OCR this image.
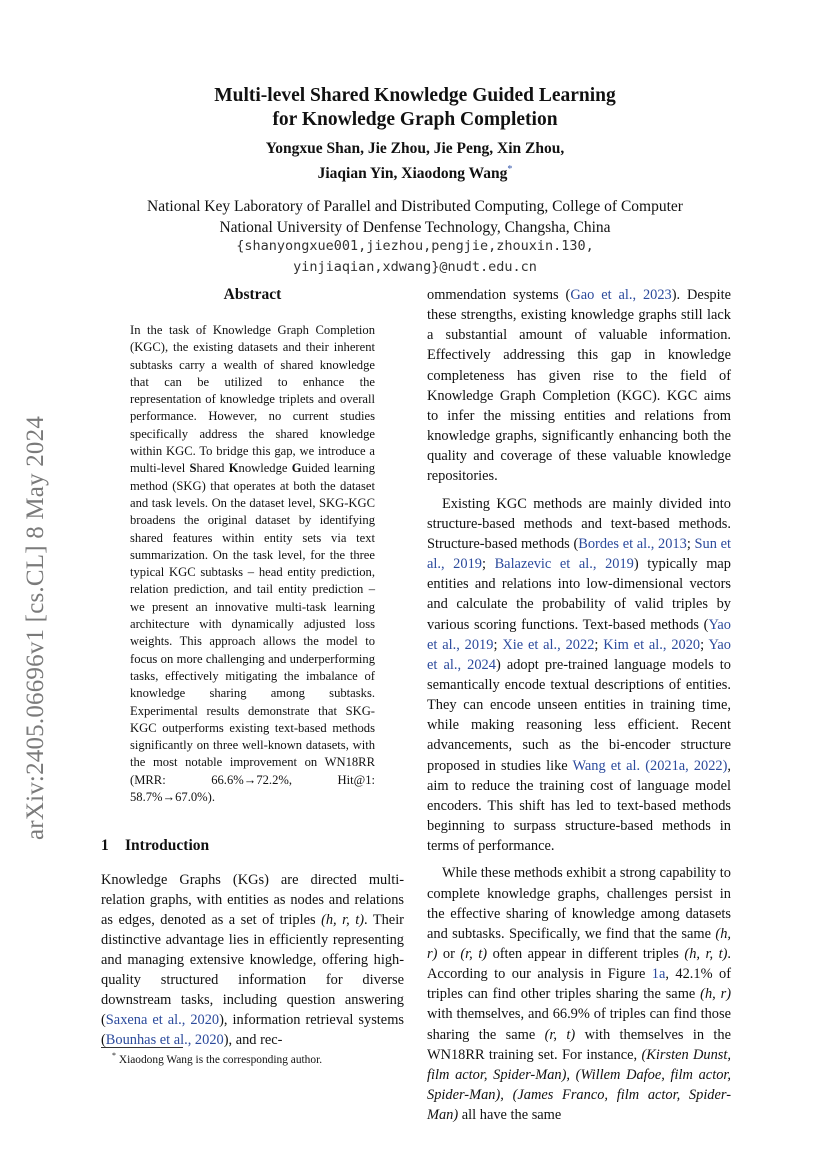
arXiv:2405.06696v1 [cs.CL] 8 May 2024
Multi-level Shared Knowledge Guided Learning
for Knowledge Graph Completion
Yongxue Shan, Jie Zhou, Jie Peng, Xin Zhou,
Jiaqian Yin, Xiaodong Wang*
National Key Laboratory of Parallel and Distributed Computing, College of Computer
National University of Denfense Technology, Changsha, China
{shanyongxue001,jiezhou,pengjie,zhouxin.130,
yinjiaqian,xdwang}@nudt.edu.cn
Abstract
In the task of Knowledge Graph Completion (KGC), the existing datasets and their inherent subtasks carry a wealth of shared knowledge that can be utilized to enhance the representation of knowledge triplets and overall performance. However, no current studies specifically address the shared knowledge within KGC. To bridge this gap, we introduce a multi-level Shared Knowledge Guided learning method (SKG) that operates at both the dataset and task levels. On the dataset level, SKG-KGC broadens the original dataset by identifying shared features within entity sets via text summarization. On the task level, for the three typical KGC subtasks – head entity prediction, relation prediction, and tail entity prediction – we present an innovative multi-task learning architecture with dynamically adjusted loss weights. This approach allows the model to focus on more challenging and underperforming tasks, effectively mitigating the imbalance of knowledge sharing among subtasks. Experimental results demonstrate that SKG-KGC outperforms existing text-based methods significantly on three well-known datasets, with the most notable improvement on WN18RR (MRR: 66.6%→72.2%, Hit@1: 58.7%→67.0%).
1 Introduction
Knowledge Graphs (KGs) are directed multi-relation graphs, with entities as nodes and relations as edges, denoted as a set of triples (h, r, t). Their distinctive advantage lies in efficiently representing and managing extensive knowledge, offering high-quality structured information for diverse downstream tasks, including question answering (Saxena et al., 2020), information retrieval systems (Bounhas et al., 2020), and rec-
* Xiaodong Wang is the corresponding author.

ommendation systems (Gao et al., 2023). Despite these strengths, existing knowledge graphs still lack a substantial amount of valuable information. Effectively addressing this gap in knowledge completeness has given rise to the field of Knowledge Graph Completion (KGC). KGC aims to infer the missing entities and relations from knowledge graphs, significantly enhancing both the quality and coverage of these valuable knowledge repositories.

Existing KGC methods are mainly divided into structure-based methods and text-based methods. Structure-based methods (Bordes et al., 2013; Sun et al., 2019; Balazevic et al., 2019) typically map entities and relations into low-dimensional vectors and calculate the probability of valid triples by various scoring functions. Text-based methods (Yao et al., 2019; Xie et al., 2022; Kim et al., 2020; Yao et al., 2024) adopt pre-trained language models to semantically encode textual descriptions of entities. They can encode unseen entities in training time, while making reasoning less efficient. Recent advancements, such as the bi-encoder structure proposed in studies like Wang et al. (2021a, 2022), aim to reduce the training cost of language model encoders. This shift has led to text-based methods beginning to surpass structure-based methods in terms of performance.

While these methods exhibit a strong capability to complete knowledge graphs, challenges persist in the effective sharing of knowledge among datasets and subtasks. Specifically, we find that the same (h, r) or (r, t) often appear in different triples (h, r, t). According to our analysis in Figure 1a, 42.1% of triples can find other triples sharing the same (h, r) with themselves, and 66.9% of triples can find those sharing the same (r, t) with themselves in the WN18RR training set. For instance, (Kirsten Dunst, film actor, Spider-Man), (Willem Dafoe, film actor, Spider-Man), (James Franco, film actor, Spider-Man) all have the same
